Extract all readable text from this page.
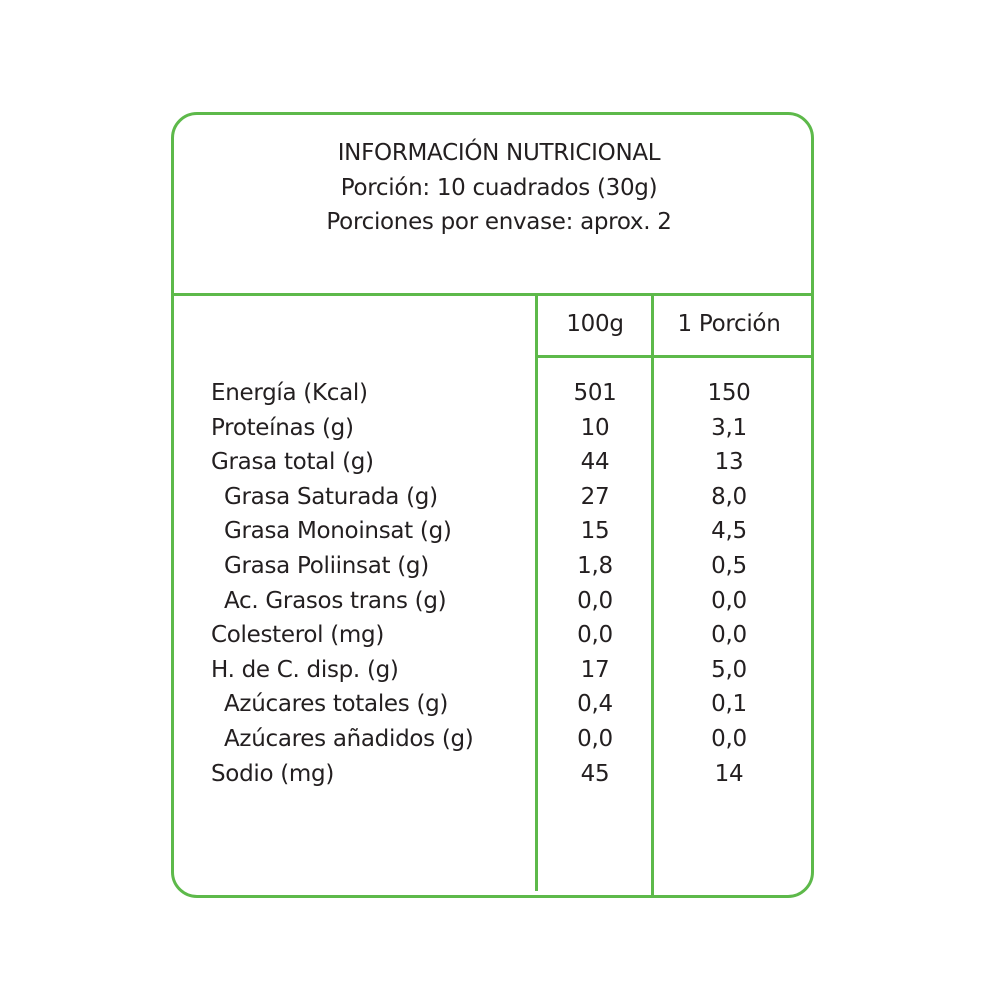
INFORMACIÓN NUTRICIONAL
Porción: 10 cuadrados (30g)
Porciones por envase: aprox. 2
100g	1 Porción
Energía (Kcal)	501	150
Proteínas (g)	10	3,1
Grasa total (g)	44	13
Grasa Saturada (g)	27	8,0
Grasa Monoinsat (g)	15	4,5
Grasa Poliinsat (g)	1,8	0,5
Ac. Grasos trans (g)	0,0	0,0
Colesterol (mg)	0,0	0,0
H. de C. disp. (g)	17	5,0
Azúcares totales (g)	0,4	0,1
Azúcares añadidos (g)	0,0	0,0
Sodio (mg)	45	14
